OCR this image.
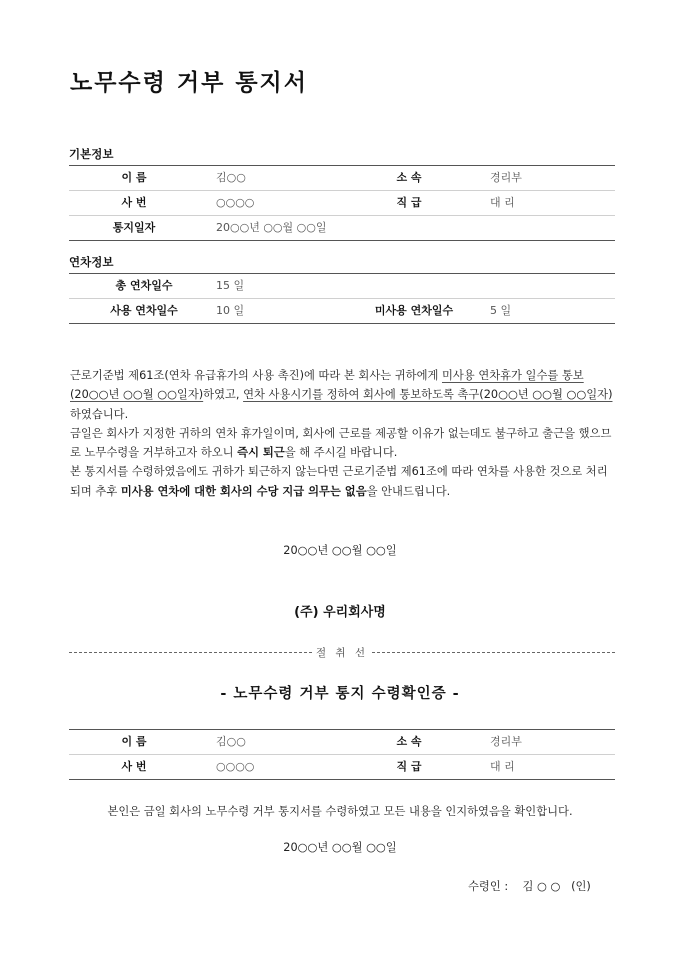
노무수령 거부 통지서
기본정보
이 름	김○○	소 속	경리부
사 번	○○○○	직 급	대 리
통지일자	20○○년 ○○월 ○○일
연차정보
총 연차일수	15 일
사용 연차일수	10 일	미사용 연차일수	5 일
근로기준법 제61조(연차 유급휴가의 사용 촉진)에 따라 본 회사는 귀하에게 미사용 연차휴가 일수를 통보(20○○년 ○○월 ○○일자)하였고, 연차 사용시기를 정하여 회사에 통보하도록 촉구(20○○년 ○○월 ○○일자) 하였습니다.
금일은 회사가 지정한 귀하의 연차 휴가일이며, 회사에 근로를 제공할 이유가 없는데도 불구하고 출근을 했으므로 노무수령을 거부하고자 하오니 즉시 퇴근을 해 주시길 바랍니다.
본 통지서를 수령하였음에도 귀하가 퇴근하지 않는다면 근로기준법 제61조에 따라 연차를 사용한 것으로 처리되며 추후 미사용 연차에 대한 회사의 수당 지급 의무는 없음을 안내드립니다.
20○○년 ○○월 ○○일
(주) 우리회사명
절 취 선
- 노무수령 거부 통지 수령확인증 -
이 름	김○○	소 속	경리부
사 번	○○○○	직 급	대 리
본인은 금일 회사의 노무수령 거부 통지서를 수령하였고 모든 내용을 인지하였음을 확인합니다.
20○○년 ○○월 ○○일
수령인 :    김 ○ ○   (인)
